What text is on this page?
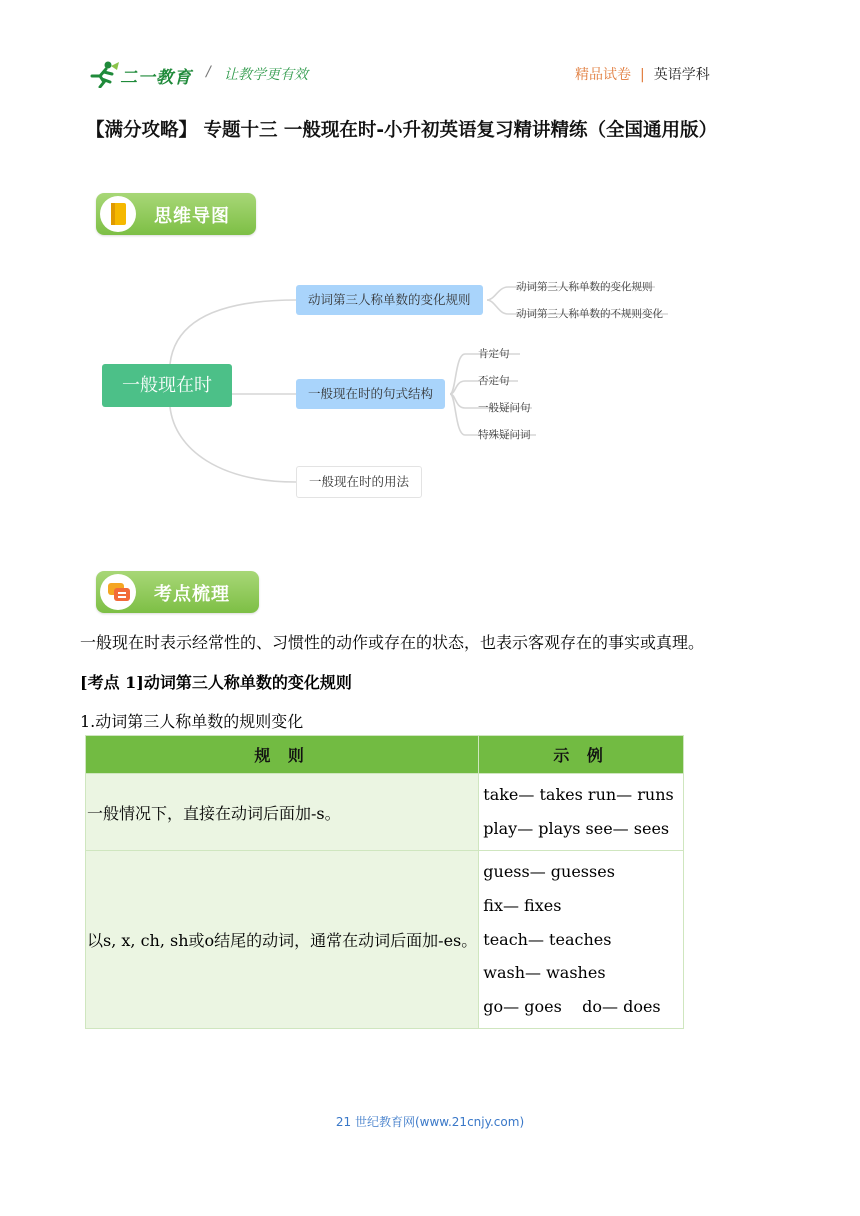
二一教育 / 让教学更有效	精品试卷 | 英语学科
【满分攻略】 专题十三 一般现在时-小升初英语复习精讲精练（全国通用版）
思维导图
一般现在时
动词第三人称单数的变化规则
动词第三人称单数的变化规则
动词第三人称单数的不规则变化
一般现在时的句式结构
肯定句
否定句
一般疑问句
特殊疑问词
一般现在时的用法
考点梳理
一般现在时表示经常性的、习惯性的动作或存在的状态，也表示客观存在的事实或真理。
[考点 1]动词第三人称单数的变化规则
1.动词第三人称单数的规则变化
规 则	示 例
一般情况下，直接在动词后面加-s。	take— takes run— runs
play— plays see— sees

以s, x, ch, sh或o结尾的动词，通常在动词后面加-es。	guess— guesses
fix— fixes
teach— teaches
wash— washes
go— goes    do— does
21 世纪教育网(www.21cnjy.com)
